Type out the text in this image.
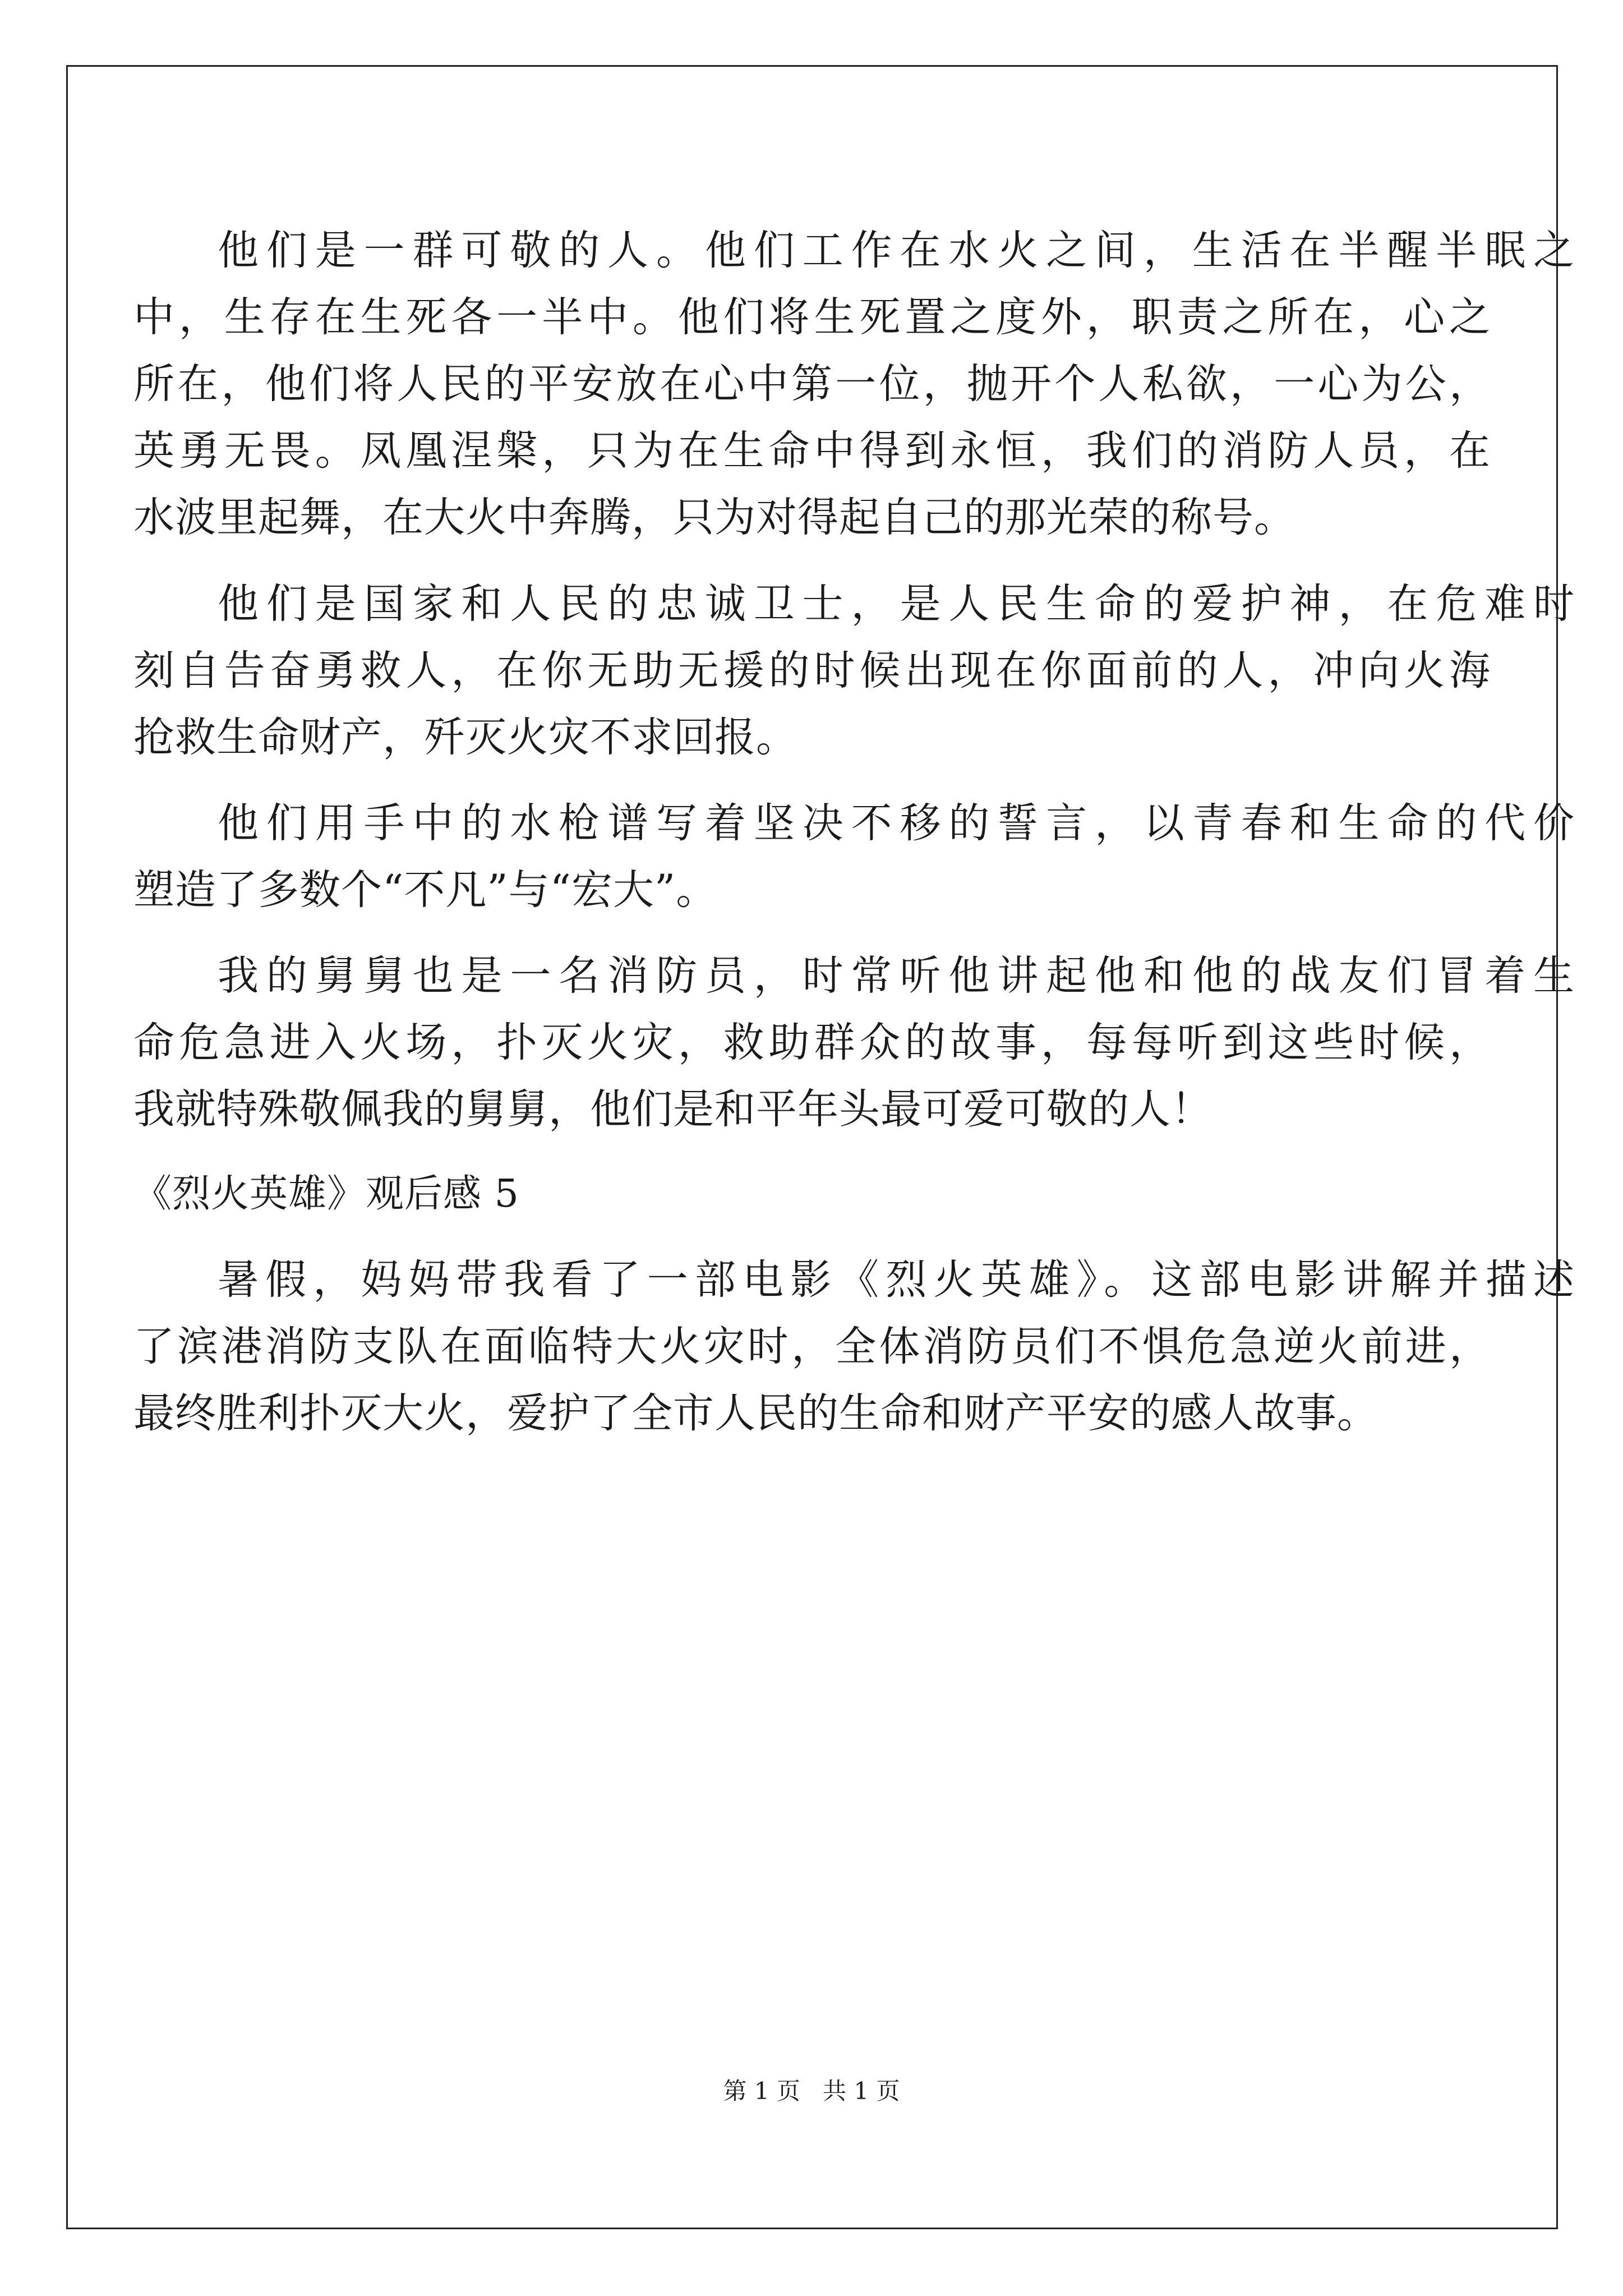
他们是一群可敬的人。他们工作在水火之间，生活在半醒半眠之
中，生存在生死各一半中。他们将生死置之度外，职责之所在，心之
所在，他们将人民的平安放在心中第一位，抛开个人私欲，一心为公，
英勇无畏。凤凰涅槃，只为在生命中得到永恒，我们的消防人员，在
水波里起舞，在大火中奔腾，只为对得起自己的那光荣的称号。
他们是国家和人民的忠诚卫士，是人民生命的爱护神，在危难时
刻自告奋勇救人，在你无助无援的时候出现在你面前的人，冲向火海
抢救生命财产，歼灭火灾不求回报。
他们用手中的水枪谱写着坚决不移的誓言，以青春和生命的代价
塑造了多数个“不凡”与“宏大”。
我的舅舅也是一名消防员，时常听他讲起他和他的战友们冒着生
命危急进入火场，扑灭火灾，救助群众的故事，每每听到这些时候，
我就特殊敬佩我的舅舅，他们是和平年头最可爱可敬的人！
《烈火英雄》观后感 5
暑假，妈妈带我看了一部电影《烈火英雄》。这部电影讲解并描述
了滨港消防支队在面临特大火灾时，全体消防员们不惧危急逆火前进，
最终胜利扑灭大火，爱护了全市人民的生命和财产平安的感人故事。
第 1 页   共 1 页
